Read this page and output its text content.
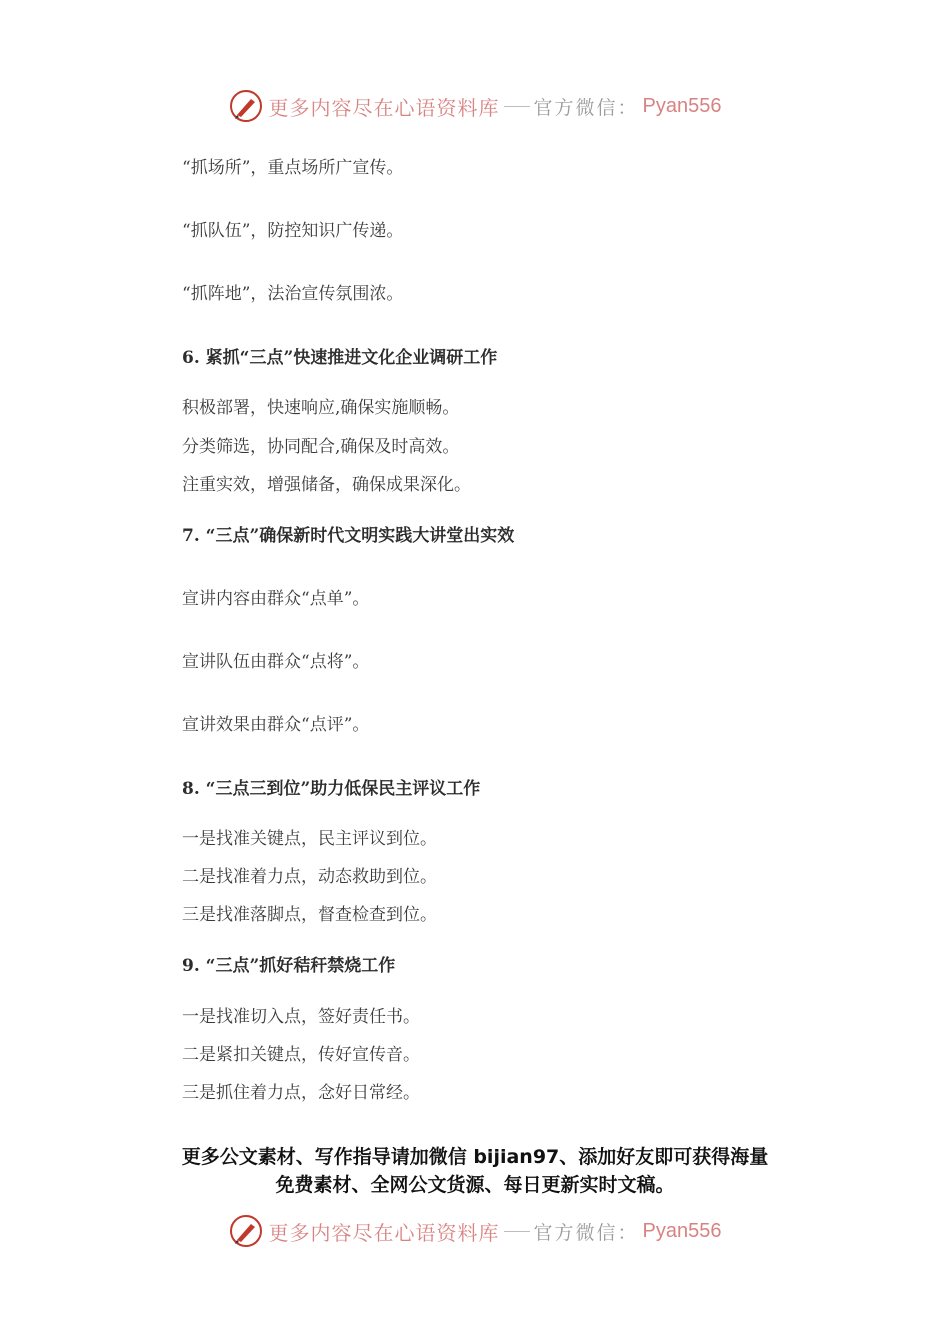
更多内容尽在心语资料库 官方微信： Pyan556
“抓场所”，重点场所广宣传。
“抓队伍”，防控知识广传递。
“抓阵地”，法治宣传氛围浓。
6. 紧抓“三点”快速推进文化企业调研工作
积极部署，快速响应,确保实施顺畅。
分类筛选，协同配合,确保及时高效。
注重实效，增强储备，确保成果深化。
7. “三点”确保新时代文明实践大讲堂出实效
宣讲内容由群众“点单”。
宣讲队伍由群众“点将”。
宣讲效果由群众“点评”。
8. “三点三到位”助力低保民主评议工作
一是找准关键点，民主评议到位。
二是找准着力点，动态救助到位。
三是找准落脚点，督查检查到位。
9. “三点”抓好秸秆禁烧工作
一是找准切入点，签好责任书。
二是紧扣关键点，传好宣传音。
三是抓住着力点，念好日常经。
更多公文素材、写作指导请加微信 bijian97、添加好友即可获得海量
免费素材、全网公文货源、每日更新实时文稿。
更多内容尽在心语资料库 官方微信： Pyan556
